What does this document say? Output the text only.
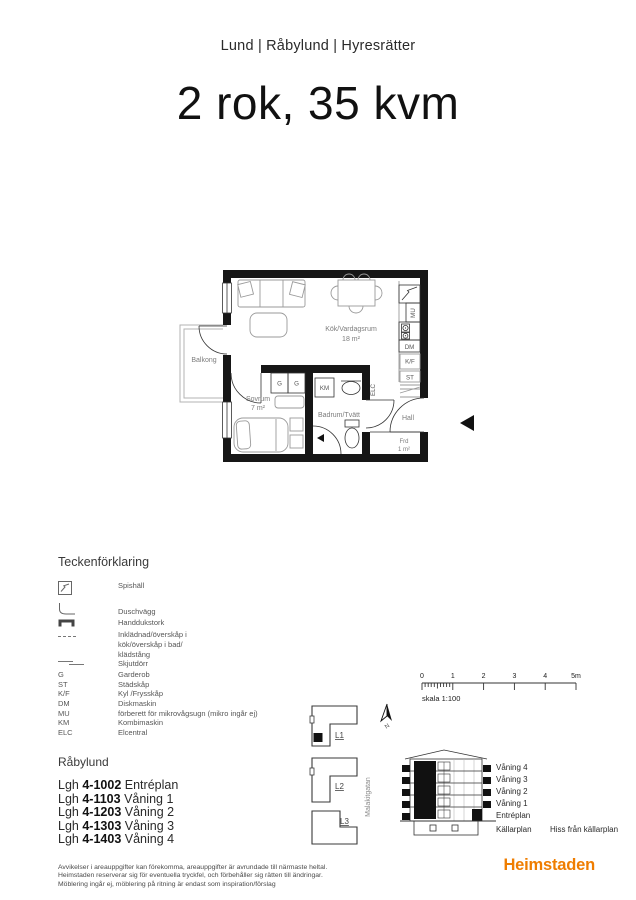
Lund | Råbylund | Hyresrätter
2 rok, 35 kvm
Balkong
Frd
1 m²
DM
K/F
ST
MU
ELC
G G
KM
Kök/Vardagsrum
18 m²
Sovrum
7 m²
Badrum/Tvätt	Hall
Teckenförklaring
Spishäll
Duschvägg
Handdukstork
Inklädnad/överskåp i kök/överskåp i bad/ klädstång
Skjutdörr
G	Garderob
ST	Städskåp
K/F	Kyl /Frysskåp
DM	Diskmaskin
MU	förberett för mikrovågsugn (mikro ingår ej)
KM	Kombimaskin
ELC	Elcentral
0	1	2	3	4	5m
skala 1:100
L1
N
L2
L3
Malakitgatan
Våning 4
Våning 3
Våning 2
Våning 1
Entréplan
Källarplan Hiss från källarplan
Råbylund
Lgh 4-1002 Entréplan
Lgh 4-1103 Våning 1
Lgh 4-1203 Våning 2
Lgh 4-1303 Våning 3
Lgh 4-1403 Våning 4
Avvikelser i areauppgifter kan förekomma, areauppgifter är avrundade till närmaste heltal.
Heimstaden reserverar sig för eventuella tryckfel, och förbehåller sig rätten till ändringar.
Möblering ingår ej, möblering på ritning är endast som inspiration/förslag
Heimstaden
